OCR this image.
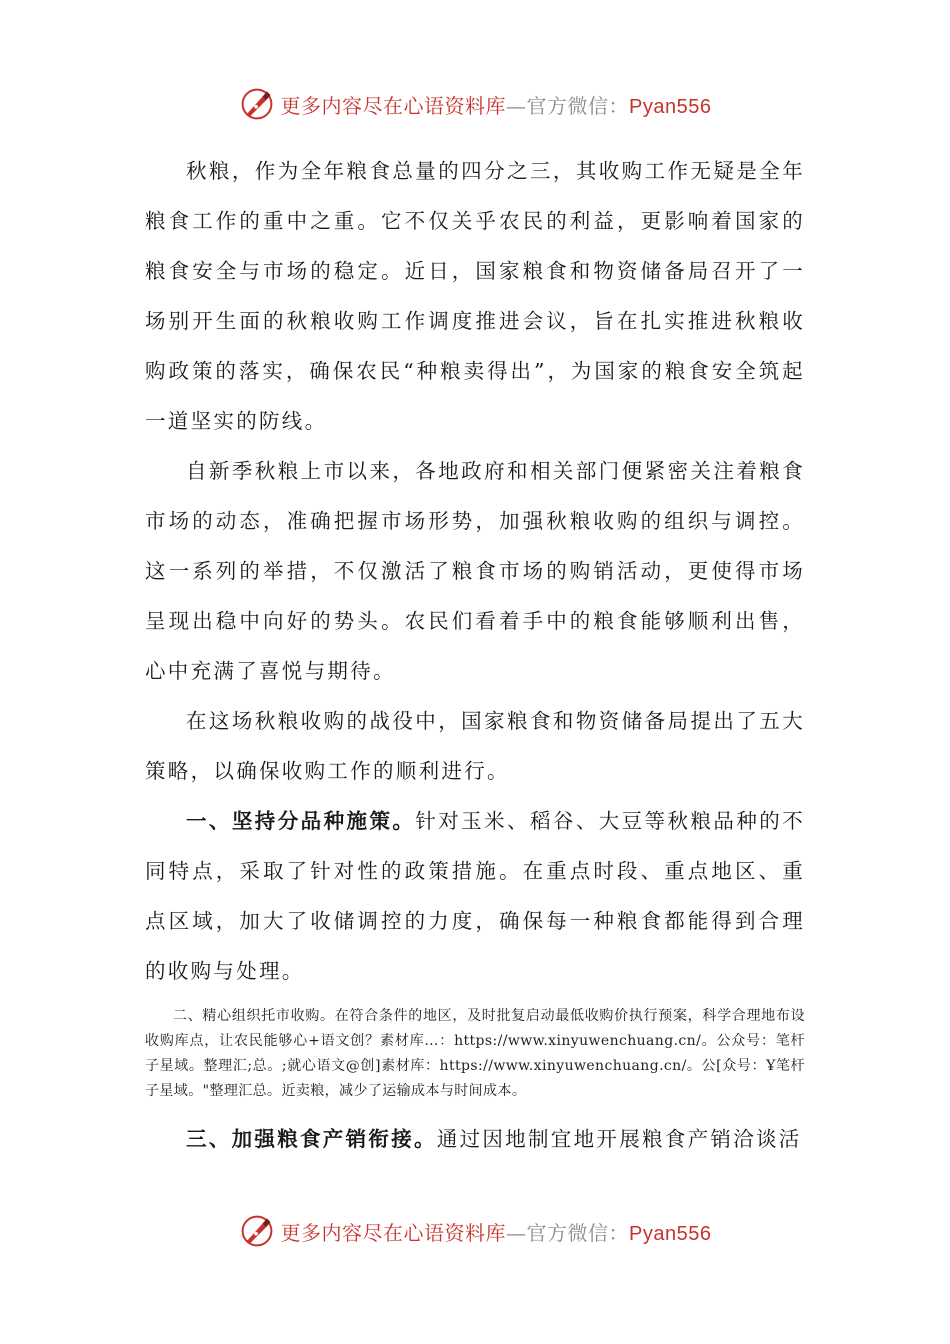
更多内容尽在心语资料库—官方微信：Pyan556

秋粮，作为全年粮食总量的四分之三，其收购工作无疑是全年粮食工作的重中之重。它不仅关乎农民的利益，更影响着国家的粮食安全与市场的稳定。近日，国家粮食和物资储备局召开了一场别开生面的秋粮收购工作调度推进会议，旨在扎实推进秋粮收购政策的落实，确保农民“种粮卖得出”，为国家的粮食安全筑起一道坚实的防线。

自新季秋粮上市以来，各地政府和相关部门便紧密关注着粮食市场的动态，准确把握市场形势，加强秋粮收购的组织与调控。这一系列的举措，不仅激活了粮食市场的购销活动，更使得市场呈现出稳中向好的势头。农民们看着手中的粮食能够顺利出售，心中充满了喜悦与期待。

在这场秋粮收购的战役中，国家粮食和物资储备局提出了五大策略，以确保收购工作的顺利进行。

一、坚持分品种施策。针对玉米、稻谷、大豆等秋粮品种的不同特点，采取了针对性的政策措施。在重点时段、重点地区、重点区域，加大了收储调控的力度，确保每一种粮食都能得到合理的收购与处理。

二、精心组织托市收购。在符合条件的地区，及时批复启动最低收购价执行预案，科学合理地布设收购库点，让农民能够心+语文创？素材库…：https://www.xinyuwenchuang.cn/。公众号：笔杆子星域。整理汇;总。;就心语文@创]素材库：https://www.xinyuwenchuang.cn/。公[众号：Ұ笔杆子星域。"整理汇总。近卖粮，减少了运输成本与时间成本。

三、加强粮食产销衔接。通过因地制宜地开展粮食产销洽谈活

更多内容尽在心语资料库—官方微信：Pyan556
